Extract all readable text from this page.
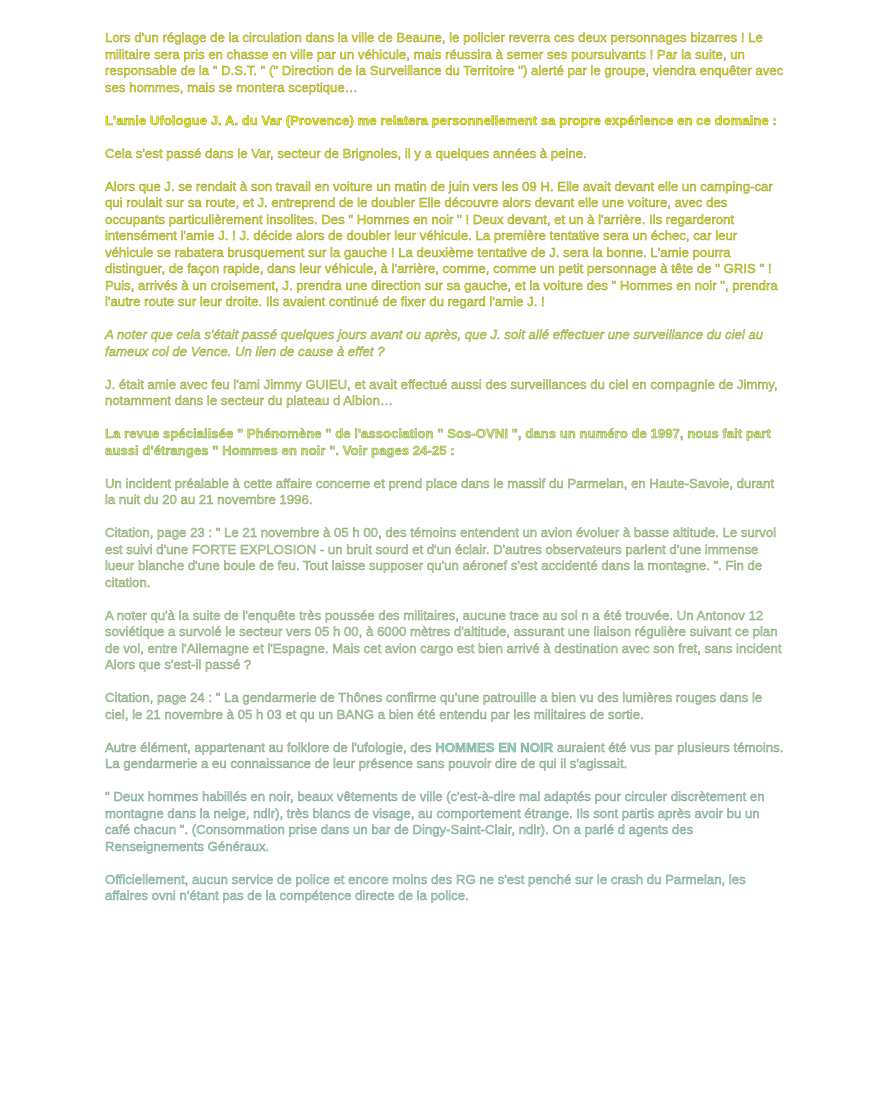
Lors d'un réglage de la circulation dans la ville de Beaune, le policier reverra ces deux personnages bizarres ! Le militaire sera pris en chasse en ville par un véhicule, mais réussira à semer ses poursuivants ! Par la suite, un responsable de la " D.S.T. " (" Direction de la Surveillance du Territoire ") alerté par le groupe, viendra enquêter avec ses hommes, mais se montera sceptique…

L'amie Ufologue J. A. du Var (Provence) me relatera personnellement sa propre expérience en ce domaine :

Cela s'est passé dans le Var, secteur de Brignoles, il y a quelques années à peine.

Alors que J. se rendait à son travail en voiture un matin de juin vers les 09 H. Elle avait devant elle un camping-car qui roulait sur sa route, et J. entreprend de le doubler Elle découvre alors devant elle une voiture, avec des occupants particulièrement insolites. Des " Hommes en noir " ! Deux devant, et un à l'arrière. Ils regarderont intensément l'amie J. ! J. décide alors de doubler leur véhicule. La première tentative sera un échec, car leur véhicule se rabatera brusquement sur la gauche ! La deuxième tentative de J. sera la bonne. L'amie pourra distinguer, de façon rapide, dans leur véhicule, à l'arrière, comme, comme un petit personnage à tête de " GRIS " ! Puis, arrivés à un croisement, J. prendra une direction sur sa gauche, et la voiture des " Hommes en noir ", prendra l'autre route sur leur droite. Ils avaient continué de fixer du regard l'amie J. !

A noter que cela s'était passé quelques jours avant ou après, que J. soit allé effectuer une surveillance du ciel au fameux col de Vence. Un lien de cause à effet ?

J. était amie avec feu l'ami Jimmy GUIEU, et avait effectué aussi des surveillances du ciel en compagnie de Jimmy, notamment dans le secteur du plateau d Albion…

La revue spécialisée " Phénomène " de l'association " Sos-OVNI ", dans un numéro de 1997, nous fait part aussi d'étranges " Hommes en noir ". Voir pages 24-25 :

Un incident préalable à cette affaire concerne et prend place dans le massif du Parmelan, en Haute-Savoie, durant la nuit du 20 au 21 novembre 1996.

Citation, page 23 : " Le 21 novembre à 05 h 00, des témoins entendent un avion évoluer à basse altitude. Le survol est suivi d'une FORTE EXPLOSION - un bruit sourd et d'un éclair. D'autres observateurs parlent d'une immense lueur blanche d'une boule de feu. Tout laisse supposer qu'un aéronef s'est accidenté dans la montagne. ". Fin de citation.

A noter qu'à la suite de l'enquête très poussée des militaires, aucune trace au sol n a été trouvée. Un Antonov 12 soviétique a survolé le secteur vers 05 h 00, à 6000 mètres d'altitude, assurant une liaison régulière suivant ce plan de vol, entre l'Allemagne et l'Espagne. Mais cet avion cargo est bien arrivé à destination avec son fret, sans incident Alors que s'est-il passé ?

Citation, page 24 : " La gendarmerie de Thônes confirme qu'une patrouille a bien vu des lumières rouges dans le ciel, le 21 novembre à 05 h 03 et qu un BANG a bien été entendu par les militaires de sortie.

Autre élément, appartenant au folklore de l'ufologie, des HOMMES EN NOIR auraient été vus par plusieurs témoins. La gendarmerie a eu connaissance de leur présence sans pouvoir dire de qui il s'agissait.

" Deux hommes habillés en noir, beaux vêtements de ville (c'est-à-dire mal adaptés pour circuler discrètement en montagne dans la neige, ndlr), très blancs de visage, au comportement étrange. Ils sont partis après avoir bu un café chacun ". (Consommation prise dans un bar de Dingy-Saint-Clair, ndlr). On a parlé d agents des Renseignements Généraux.

Officiellement, aucun service de police et encore moins des RG ne s'est penché sur le crash du Parmelan, les affaires ovni n'étant pas de la compétence directe de la police.
